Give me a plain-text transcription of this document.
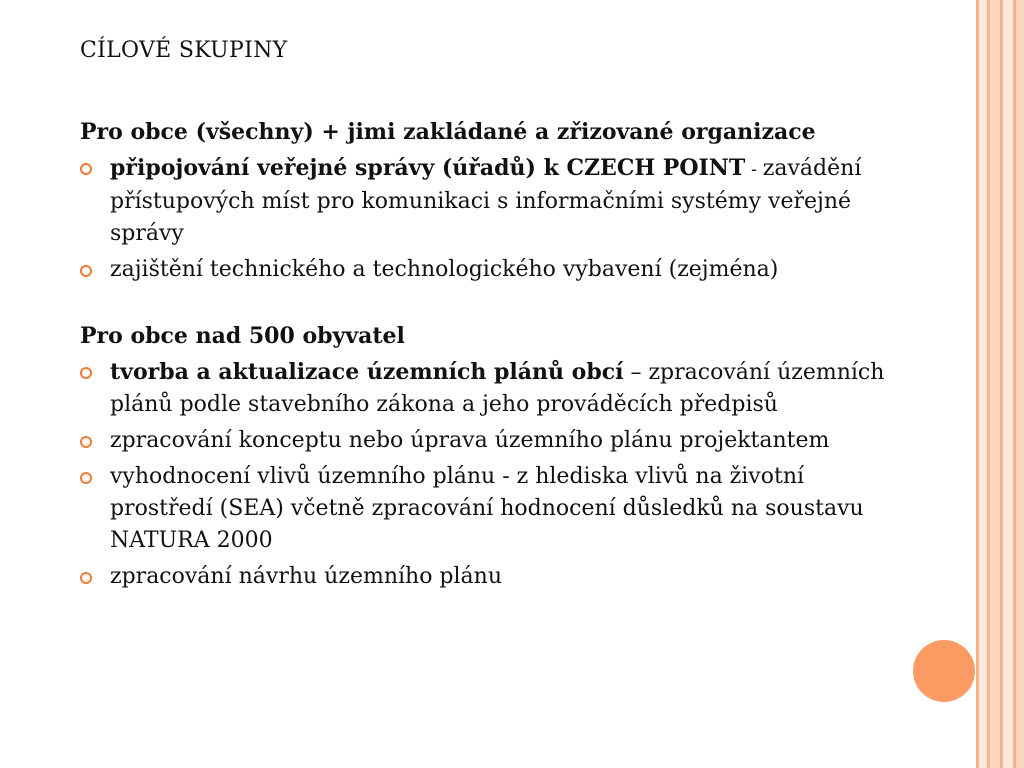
CÍLOVÉ SKUPINY

Pro obce (všechny) + jimi zakládané a zřizované organizace

připojování veřejné správy (úřadů) k CZECH POINT - zavádění přístupových míst pro komunikaci s informačními systémy veřejné správy
zajištění technického a technologického vybavení (zejména)

Pro obce nad 500 obyvatel

tvorba a aktualizace územních plánů obcí – zpracování územních plánů podle stavebního zákona a jeho prováděcích předpisů
zpracování konceptu nebo úprava územního plánu projektantem
vyhodnocení vlivů územního plánu - z hlediska vlivů na životní prostředí (SEA) včetně zpracování hodnocení důsledků na soustavu NATURA 2000
zpracování návrhu územního plánu
